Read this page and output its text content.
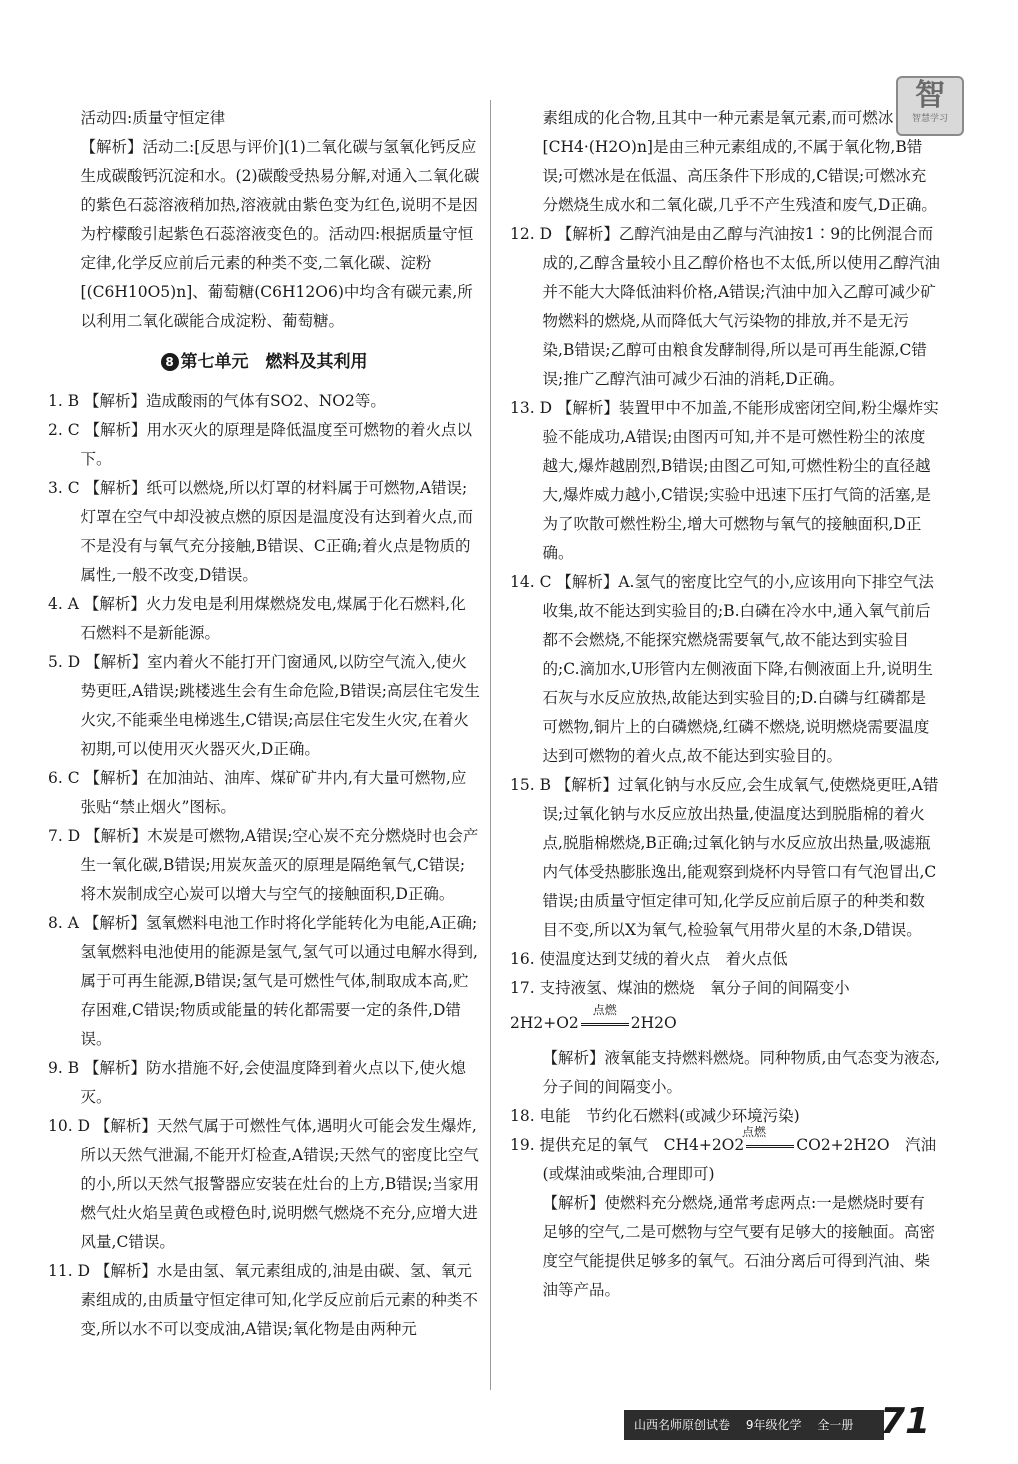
智
智慧学习

活动四:质量守恒定律

【解析】活动二:[反思与评价](1)二氧化碳与氢氧化钙反应生成碳酸钙沉淀和水。(2)碳酸受热易分解,对通入二氧化碳的紫色石蕊溶液稍加热,溶液就由紫色变为红色,说明不是因为柠檬酸引起紫色石蕊溶液变色的。活动四:根据质量守恒定律,化学反应前后元素的种类不变,二氧化碳、淀粉[(C6H10O5)n]、葡萄糖(C6H12O6)中均含有碳元素,所以利用二氧化碳能合成淀粉、葡萄糖。

8 第七单元　燃料及其利用

1. B 【解析】造成酸雨的气体有SO2、NO2等。

2. C 【解析】用水灭火的原理是降低温度至可燃物的着火点以下。

3. C 【解析】纸可以燃烧,所以灯罩的材料属于可燃物,A错误;灯罩在空气中却没被点燃的原因是温度没有达到着火点,而不是没有与氧气充分接触,B错误、C正确;着火点是物质的属性,一般不改变,D错误。

4. A 【解析】火力发电是利用煤燃烧发电,煤属于化石燃料,化石燃料不是新能源。

5. D 【解析】室内着火不能打开门窗通风,以防空气流入,使火势更旺,A错误;跳楼逃生会有生命危险,B错误;高层住宅发生火灾,不能乘坐电梯逃生,C错误;高层住宅发生火灾,在着火初期,可以使用灭火器灭火,D正确。

6. C 【解析】在加油站、油库、煤矿矿井内,有大量可燃物,应张贴“禁止烟火”图标。

7. D 【解析】木炭是可燃物,A错误;空心炭不充分燃烧时也会产生一氧化碳,B错误;用炭灰盖灭的原理是隔绝氧气,C错误;将木炭制成空心炭可以增大与空气的接触面积,D正确。

8. A 【解析】氢氧燃料电池工作时将化学能转化为电能,A正确;氢氧燃料电池使用的能源是氢气,氢气可以通过电解水得到,属于可再生能源,B错误;氢气是可燃性气体,制取成本高,贮存困难,C错误;物质或能量的转化都需要一定的条件,D错误。

9. B 【解析】防水措施不好,会使温度降到着火点以下,使火熄灭。

10. D 【解析】天然气属于可燃性气体,遇明火可能会发生爆炸,所以天然气泄漏,不能开灯检查,A错误;天然气的密度比空气的小,所以天然气报警器应安装在灶台的上方,B错误;当家用燃气灶火焰呈黄色或橙色时,说明燃气燃烧不充分,应增大进风量,C错误。

11. D 【解析】水是由氢、氧元素组成的,油是由碳、氢、氧元素组成的,由质量守恒定律可知,化学反应前后元素的种类不变,所以水不可以变成油,A错误;氧化物是由两种元

素组成的化合物,且其中一种元素是氧元素,而可燃冰[CH4·(H2O)n]是由三种元素组成的,不属于氧化物,B错误;可燃冰是在低温、高压条件下形成的,C错误;可燃冰充分燃烧生成水和二氧化碳,几乎不产生残渣和废气,D正确。

12. D 【解析】乙醇汽油是由乙醇与汽油按1∶9的比例混合而成的,乙醇含量较小且乙醇价格也不太低,所以使用乙醇汽油并不能大大降低油料价格,A错误;汽油中加入乙醇可减少矿物燃料的燃烧,从而降低大气污染物的排放,并不是无污染,B错误;乙醇可由粮食发酵制得,所以是可再生能源,C错误;推广乙醇汽油可减少石油的消耗,D正确。

13. D 【解析】装置甲中不加盖,不能形成密闭空间,粉尘爆炸实验不能成功,A错误;由图丙可知,并不是可燃性粉尘的浓度越大,爆炸越剧烈,B错误;由图乙可知,可燃性粉尘的直径越大,爆炸威力越小,C错误;实验中迅速下压打气筒的活塞,是为了吹散可燃性粉尘,增大可燃物与氧气的接触面积,D正确。

14. C 【解析】A.氢气的密度比空气的小,应该用向下排空气法收集,故不能达到实验目的;B.白磷在冷水中,通入氧气前后都不会燃烧,不能探究燃烧需要氧气,故不能达到实验目的;C.滴加水,U形管内左侧液面下降,右侧液面上升,说明生石灰与水反应放热,故能达到实验目的;D.白磷与红磷都是可燃物,铜片上的白磷燃烧,红磷不燃烧,说明燃烧需要温度达到可燃物的着火点,故不能达到实验目的。

15. B 【解析】过氧化钠与水反应,会生成氧气,使燃烧更旺,A错误;过氧化钠与水反应放出热量,使温度达到脱脂棉的着火点,脱脂棉燃烧,B正确;过氧化钠与水反应放出热量,吸滤瓶内气体受热膨胀逸出,能观察到烧杯内导管口有气泡冒出,C错误;由质量守恒定律可知,化学反应前后原子的种类和数目不变,所以X为氧气,检验氧气用带火星的木条,D错误。

16. 使温度达到艾绒的着火点　着火点低

17. 支持液氢、煤油的燃烧　氧分子间的间隔变小

2H2+O2
点燃
2H2O

【解析】液氧能支持燃料燃烧。同种物质,由气态变为液态,分子间的间隔变小。

18. 电能　节约化石燃料(或减少环境污染)

19. 提供充足的氧气　 CH4+2O2
点燃
CO2+2H2O　 汽油(或煤油或柴油,合理即可)

【解析】使燃料充分燃烧,通常考虑两点:一是燃烧时要有足够的空气,二是可燃物与空气要有足够大的接触面。高密度空气能提供足够多的氧气。石油分离后可得到汽油、柴油等产品。

山西名师原创试卷 9年级化学 全一册 71
